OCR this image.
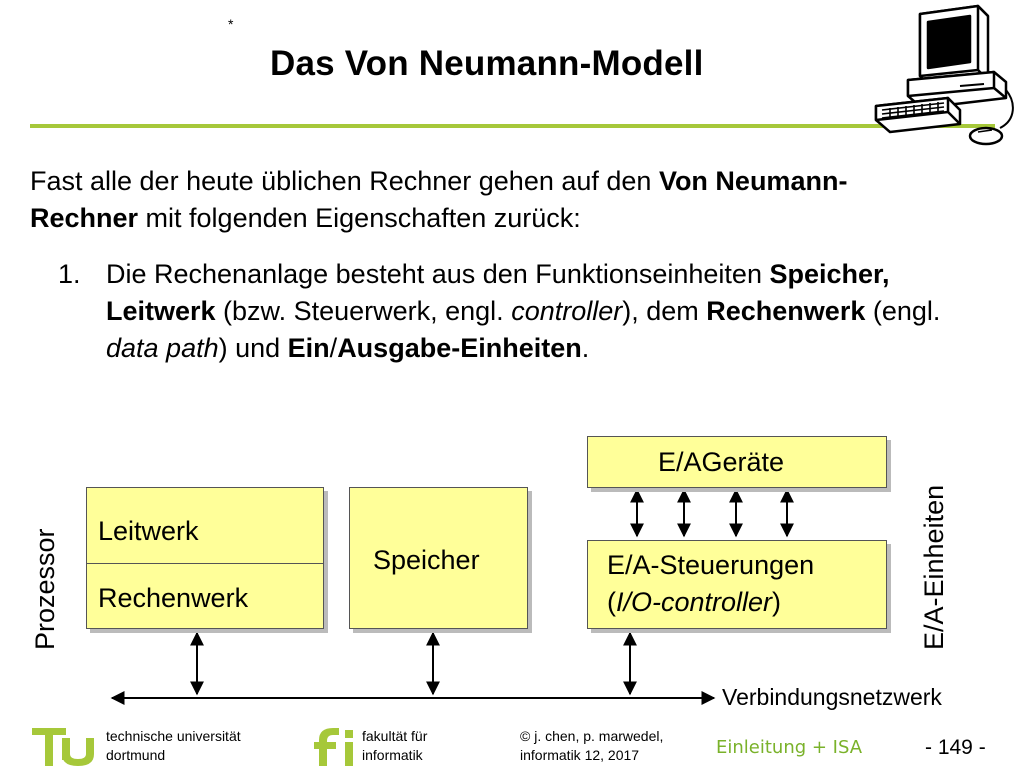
*
Das Von Neumann-Modell
Fast alle der heute üblichen Rechner gehen auf den Von Neumann-Rechner mit folgenden Eigenschaften zurück:
1. Die Rechenanlage besteht aus den Funktionseinheiten Speicher, Leitwerk (bzw. Steuerwerk, engl. controller), dem Rechenwerk (engl. data path) und Ein/Ausgabe-Einheiten.
Leitwerk
Rechenwerk
Speicher
E/AGeräte
E/A-Steuerungen
(I/O-controller)
Prozessor	E/A-Einheiten
Verbindungsnetzwerk
technische universität
dortmund
fakultät für
informatik
© j. chen, p. marwedel,
informatik 12, 2017	Einleitung + ISA	- 149 -
